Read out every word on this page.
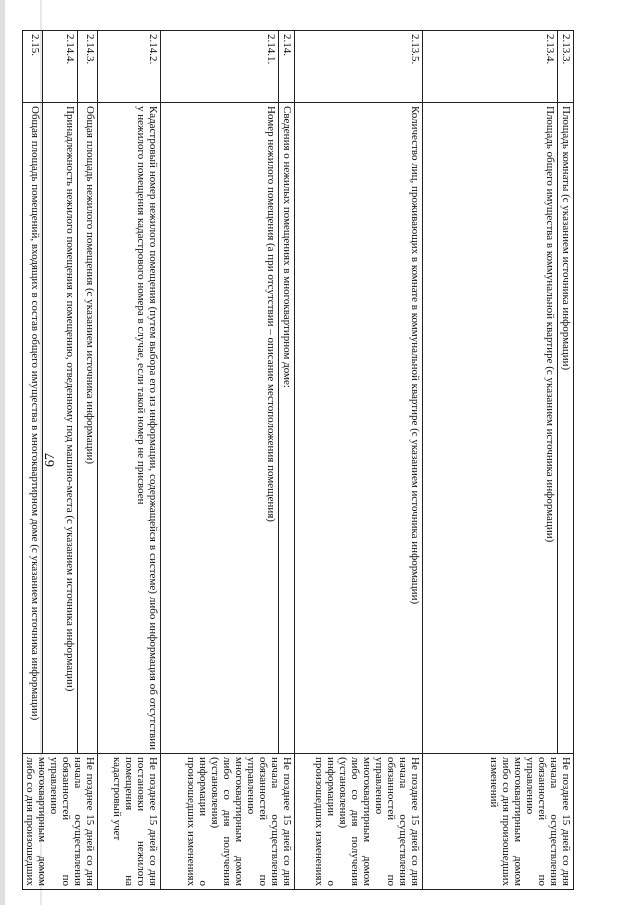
67
2.13.3.	Площадь комнаты (с указанием источника информации)	Не позднее 15 дней со дня начала осуществления обязанностей по управлению многоквартирным домом либо со дня произошедших изменений
2.13.4.	Площадь общего имущества в коммунальной квартире (с указанием источника информации)	
2.13.5.	Количество лиц, проживающих в комнате в коммунальной квартире (с указанием источника информации)	Не позднее 15 дней со дня начала осуществления обязанностей по управлению многоквартирным домом либо со дня получения (установления) информации о произошедших изменениях
2.14.	Сведения о нежилых помещениях в многоквартирном доме:	Не позднее 15 дней со дня начала осуществления обязанностей по управлению многоквартирным домом либо со дня получения (установления) информации о произошедших изменениях
2.14.1.	Номер нежилого помещения (а при отсутствии – описание местоположения помещения)	
2.14.2.	Кадастровый номер нежилого помещения (путем выбора его из информации, содержащейся в системе) либо информация об отсутствии у нежилого помещения кадастрового номера в случае, если такой номер не присвоен	Не позднее 15 дней со дня постановки нежилого помещения на кадастровый учет
2.14.3.	Общая площадь нежилого помещения (с указанием источника информации)	Не позднее 15 дней со дня начала осуществления обязанностей по управлению многоквартирным домом либо со дня произошедших
2.14.4.	Принадлежность нежилого помещения к помещению, отведенному под машино-места (с указанием источника информации)	
2.15.	Общая площадь помещений, входящих в состав общего имущества в многоквартирном доме (с указанием источника информации)	
